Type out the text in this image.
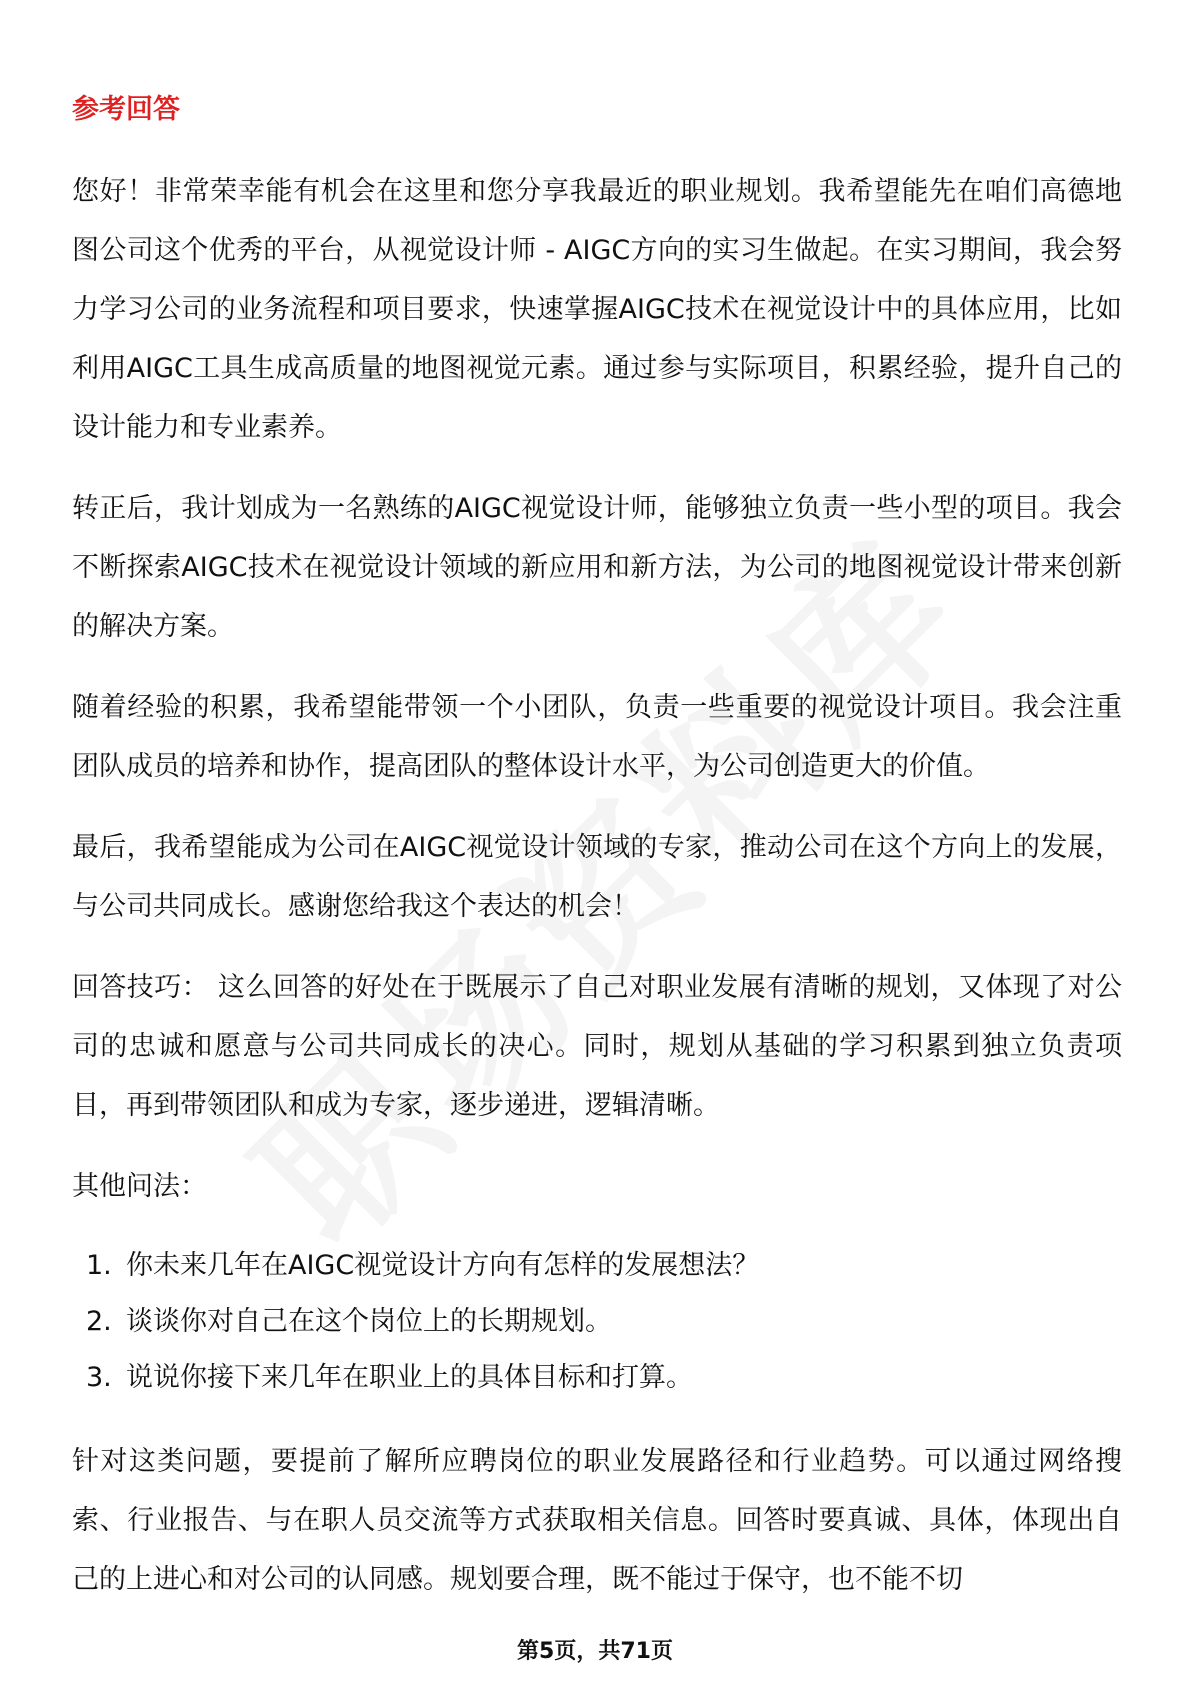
参考回答

您好！非常荣幸能有机会在这里和您分享我最近的职业规划。我希望能先在咱们高德地图公司这个优秀的平台，从视觉设计师 - AIGC方向的实习生做起。在实习期间，我会努力学习公司的业务流程和项目要求，快速掌握AIGC技术在视觉设计中的具体应用，比如利用AIGC工具生成高质量的地图视觉元素。通过参与实际项目，积累经验，提升自己的设计能力和专业素养。

转正后，我计划成为一名熟练的AIGC视觉设计师，能够独立负责一些小型的项目。我会不断探索AIGC技术在视觉设计领域的新应用和新方法，为公司的地图视觉设计带来创新的解决方案。

随着经验的积累，我希望能带领一个小团队，负责一些重要的视觉设计项目。我会注重团队成员的培养和协作，提高团队的整体设计水平，为公司创造更大的价值。

最后，我希望能成为公司在AIGC视觉设计领域的专家，推动公司在这个方向上的发展，与公司共同成长。感谢您给我这个表达的机会！

回答技巧： 这么回答的好处在于既展示了自己对职业发展有清晰的规划，又体现了对公司的忠诚和愿意与公司共同成长的决心。同时，规划从基础的学习积累到独立负责项目，再到带领团队和成为专家，逐步递进，逻辑清晰。

其他问法：

1. 你未来几年在AIGC视觉设计方向有怎样的发展想法？
2. 谈谈你对自己在这个岗位上的长期规划。
3. 说说你接下来几年在职业上的具体目标和打算。

针对这类问题，要提前了解所应聘岗位的职业发展路径和行业趋势。可以通过网络搜索、行业报告、与在职人员交流等方式获取相关信息。回答时要真诚、具体，体现出自己的上进心和对公司的认同感。规划要合理，既不能过于保守，也不能不切

第5页，共71页
